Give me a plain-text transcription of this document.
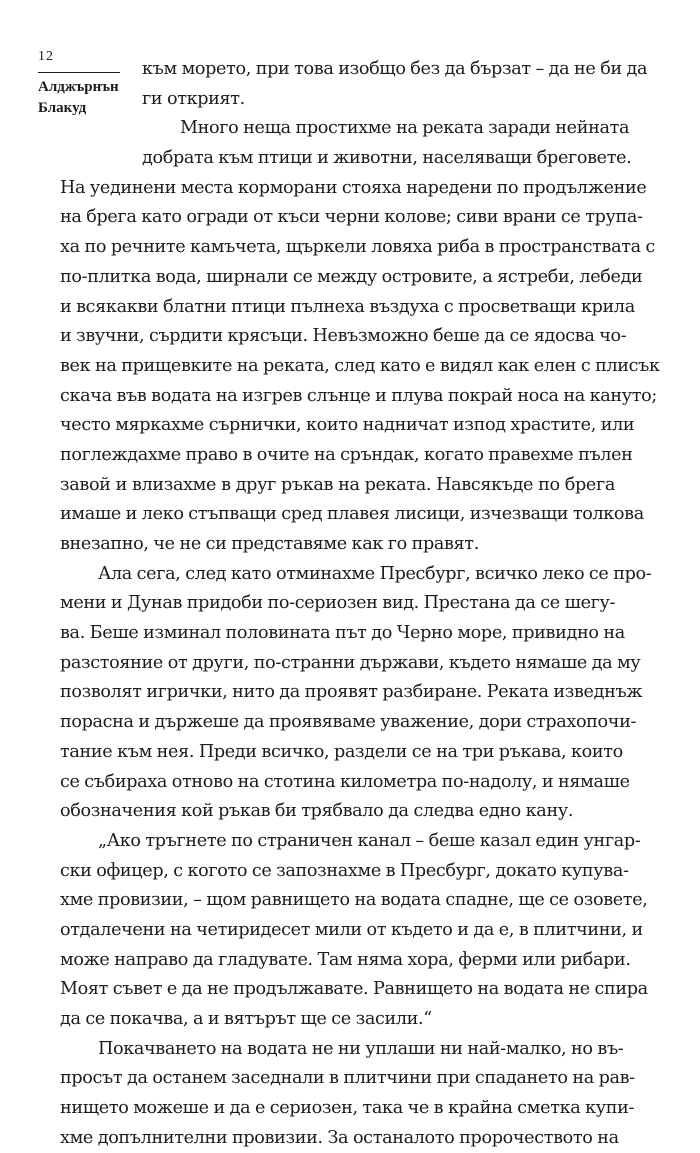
12
Алджърнън
Блакуд
към морето, при това изобщо без да бързат – да не би да
ги открият.
Много неща простихме на реката заради нейната
добрата към птици и животни, населяващи бреговете.
На уединени места корморани стояха наредени по продължение
на брега като огради от къси черни колове; сиви врани се трупа-
ха по речните камъчета, щъркели ловяха риба в пространствата с
по-плитка вода, ширнали се между островите, а ястреби, лебеди
и всякакви блатни птици пълнеха въздуха с просветващи крила
и звучни, сърдити крясъци. Невъзможно беше да се ядосва чо-
век на прищевките на реката, след като е видял как елен с плисък
скача във водата на изгрев слънце и плува покрай носа на кануто;
често мяркахме сърнички, които надничат изпод храстите, или
поглеждахме право в очите на сръндак, когато правехме пълен
завой и влизахме в друг ръкав на реката. Навсякъде по брега
имаше и леко стъпващи сред плавея лисици, изчезващи толкова
внезапно, че не си представяме как го правят.
Ала сега, след като отминахме Пресбург, всичко леко се про-
мени и Дунав придоби по-сериозен вид. Престана да се шегу-
ва. Беше изминал половината път до Черно море, привидно на
разстояние от други, по-странни държави, където нямаше да му
позволят игрички, нито да проявят разбиране. Реката изведнъж
порасна и държеше да проявяваме уважение, дори страхопочи-
тание към нея. Преди всичко, раздели се на три ръкава, които
се събираха отново на стотина километра по-надолу, и нямаше
обозначения кой ръкав би трябвало да следва едно кану.
„Ако тръгнете по страничен канал – беше казал един унгар-
ски офицер, с когото се запознахме в Пресбург, докато купува-
хме провизии, – щом равнището на водата спадне, ще се озовете,
отдалечени на четиридесет мили от където и да е, в плитчини, и
може направо да гладувате. Там няма хора, ферми или рибари.
Моят съвет е да не продължавате. Равнището на водата не спира
да се покачва, а и вятърът ще се засили.“
Покачването на водата не ни уплаши ни най-малко, но въ-
просът да останем заседнали в плитчини при спадането на рав-
нището можеше и да е сериозен, така че в крайна сметка купи-
хме допълнителни провизии. За останалото пророчеството на
